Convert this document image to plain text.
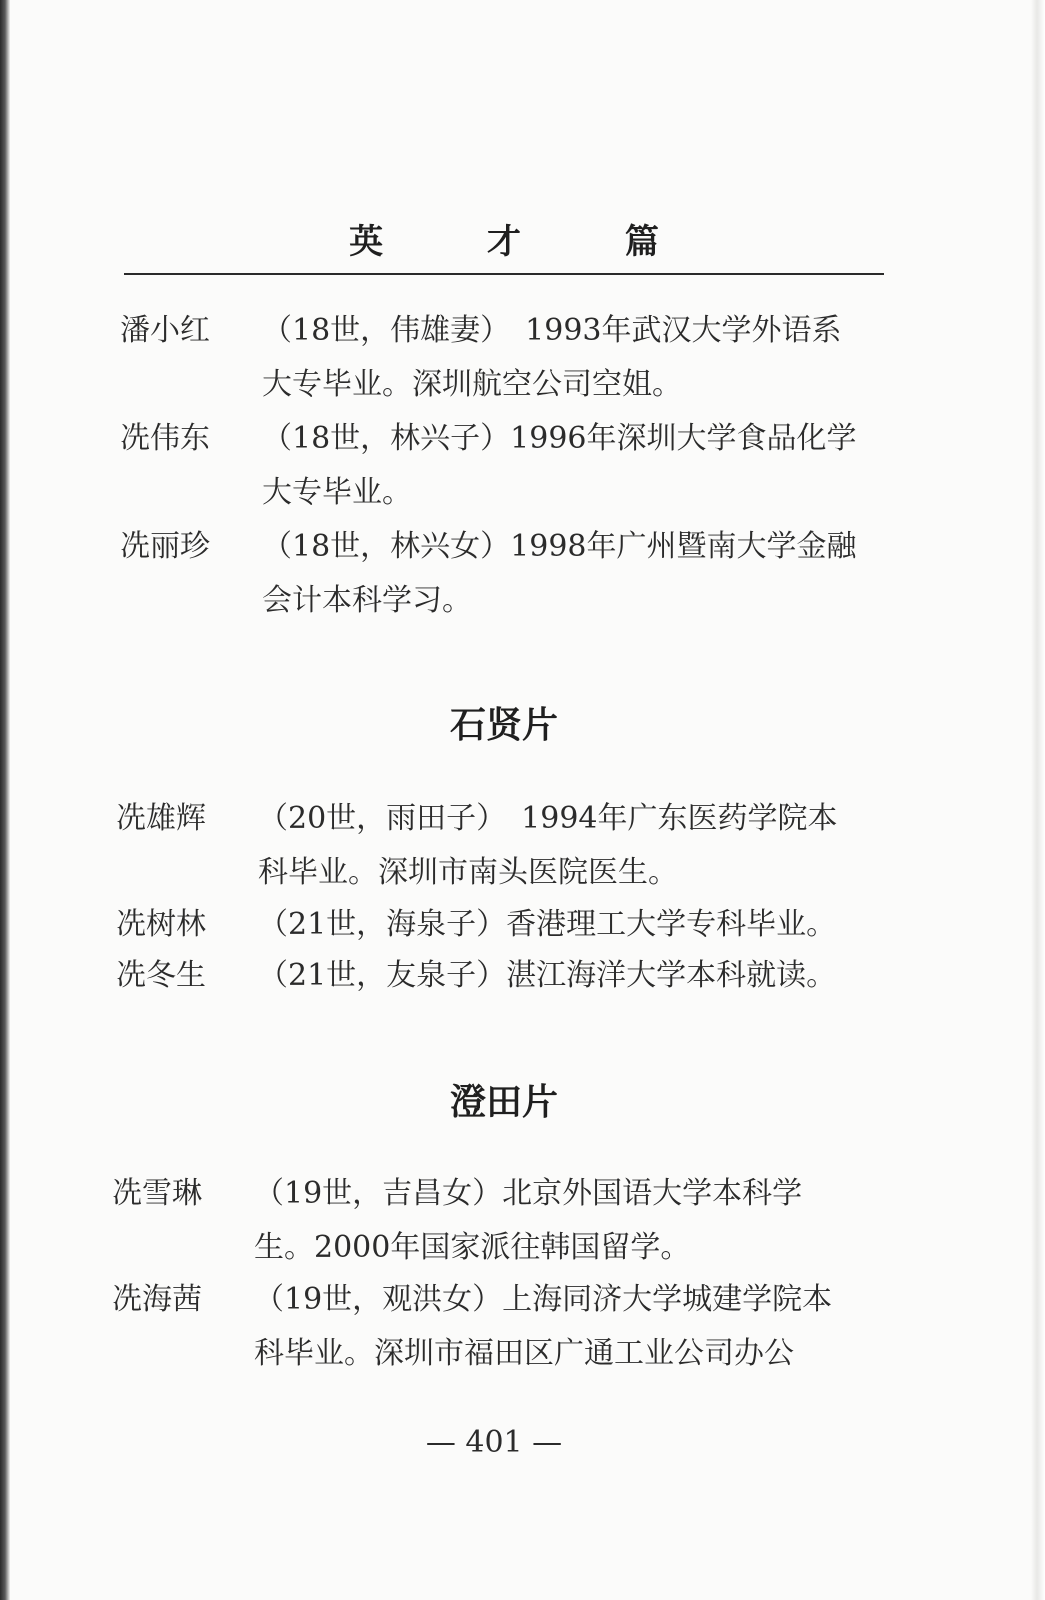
英 才 篇
潘小红 （18世，伟雄妻）　1993年武汉大学外语系大专毕业。深圳航空公司空姐。
冼伟东 （18世，林兴子）1996年深圳大学食品化学大专毕业。
冼丽珍 （18世，林兴女）1998年广州暨南大学金融会计本科学习。
石贤片
冼雄辉 （20世，雨田子）　1994年广东医药学院本科毕业。深圳市南头医院医生。
冼树林 （21世，海泉子）香港理工大学专科毕业。
冼冬生 （21世，友泉子）湛江海洋大学本科就读。
澄田片
冼雪琳 （19世，吉昌女）北京外国语大学本科学生。2000年国家派往韩国留学。
冼海茜 （19世，观洪女）上海同济大学城建学院本科毕业。深圳市福田区广通工业公司办公
— 401 —
